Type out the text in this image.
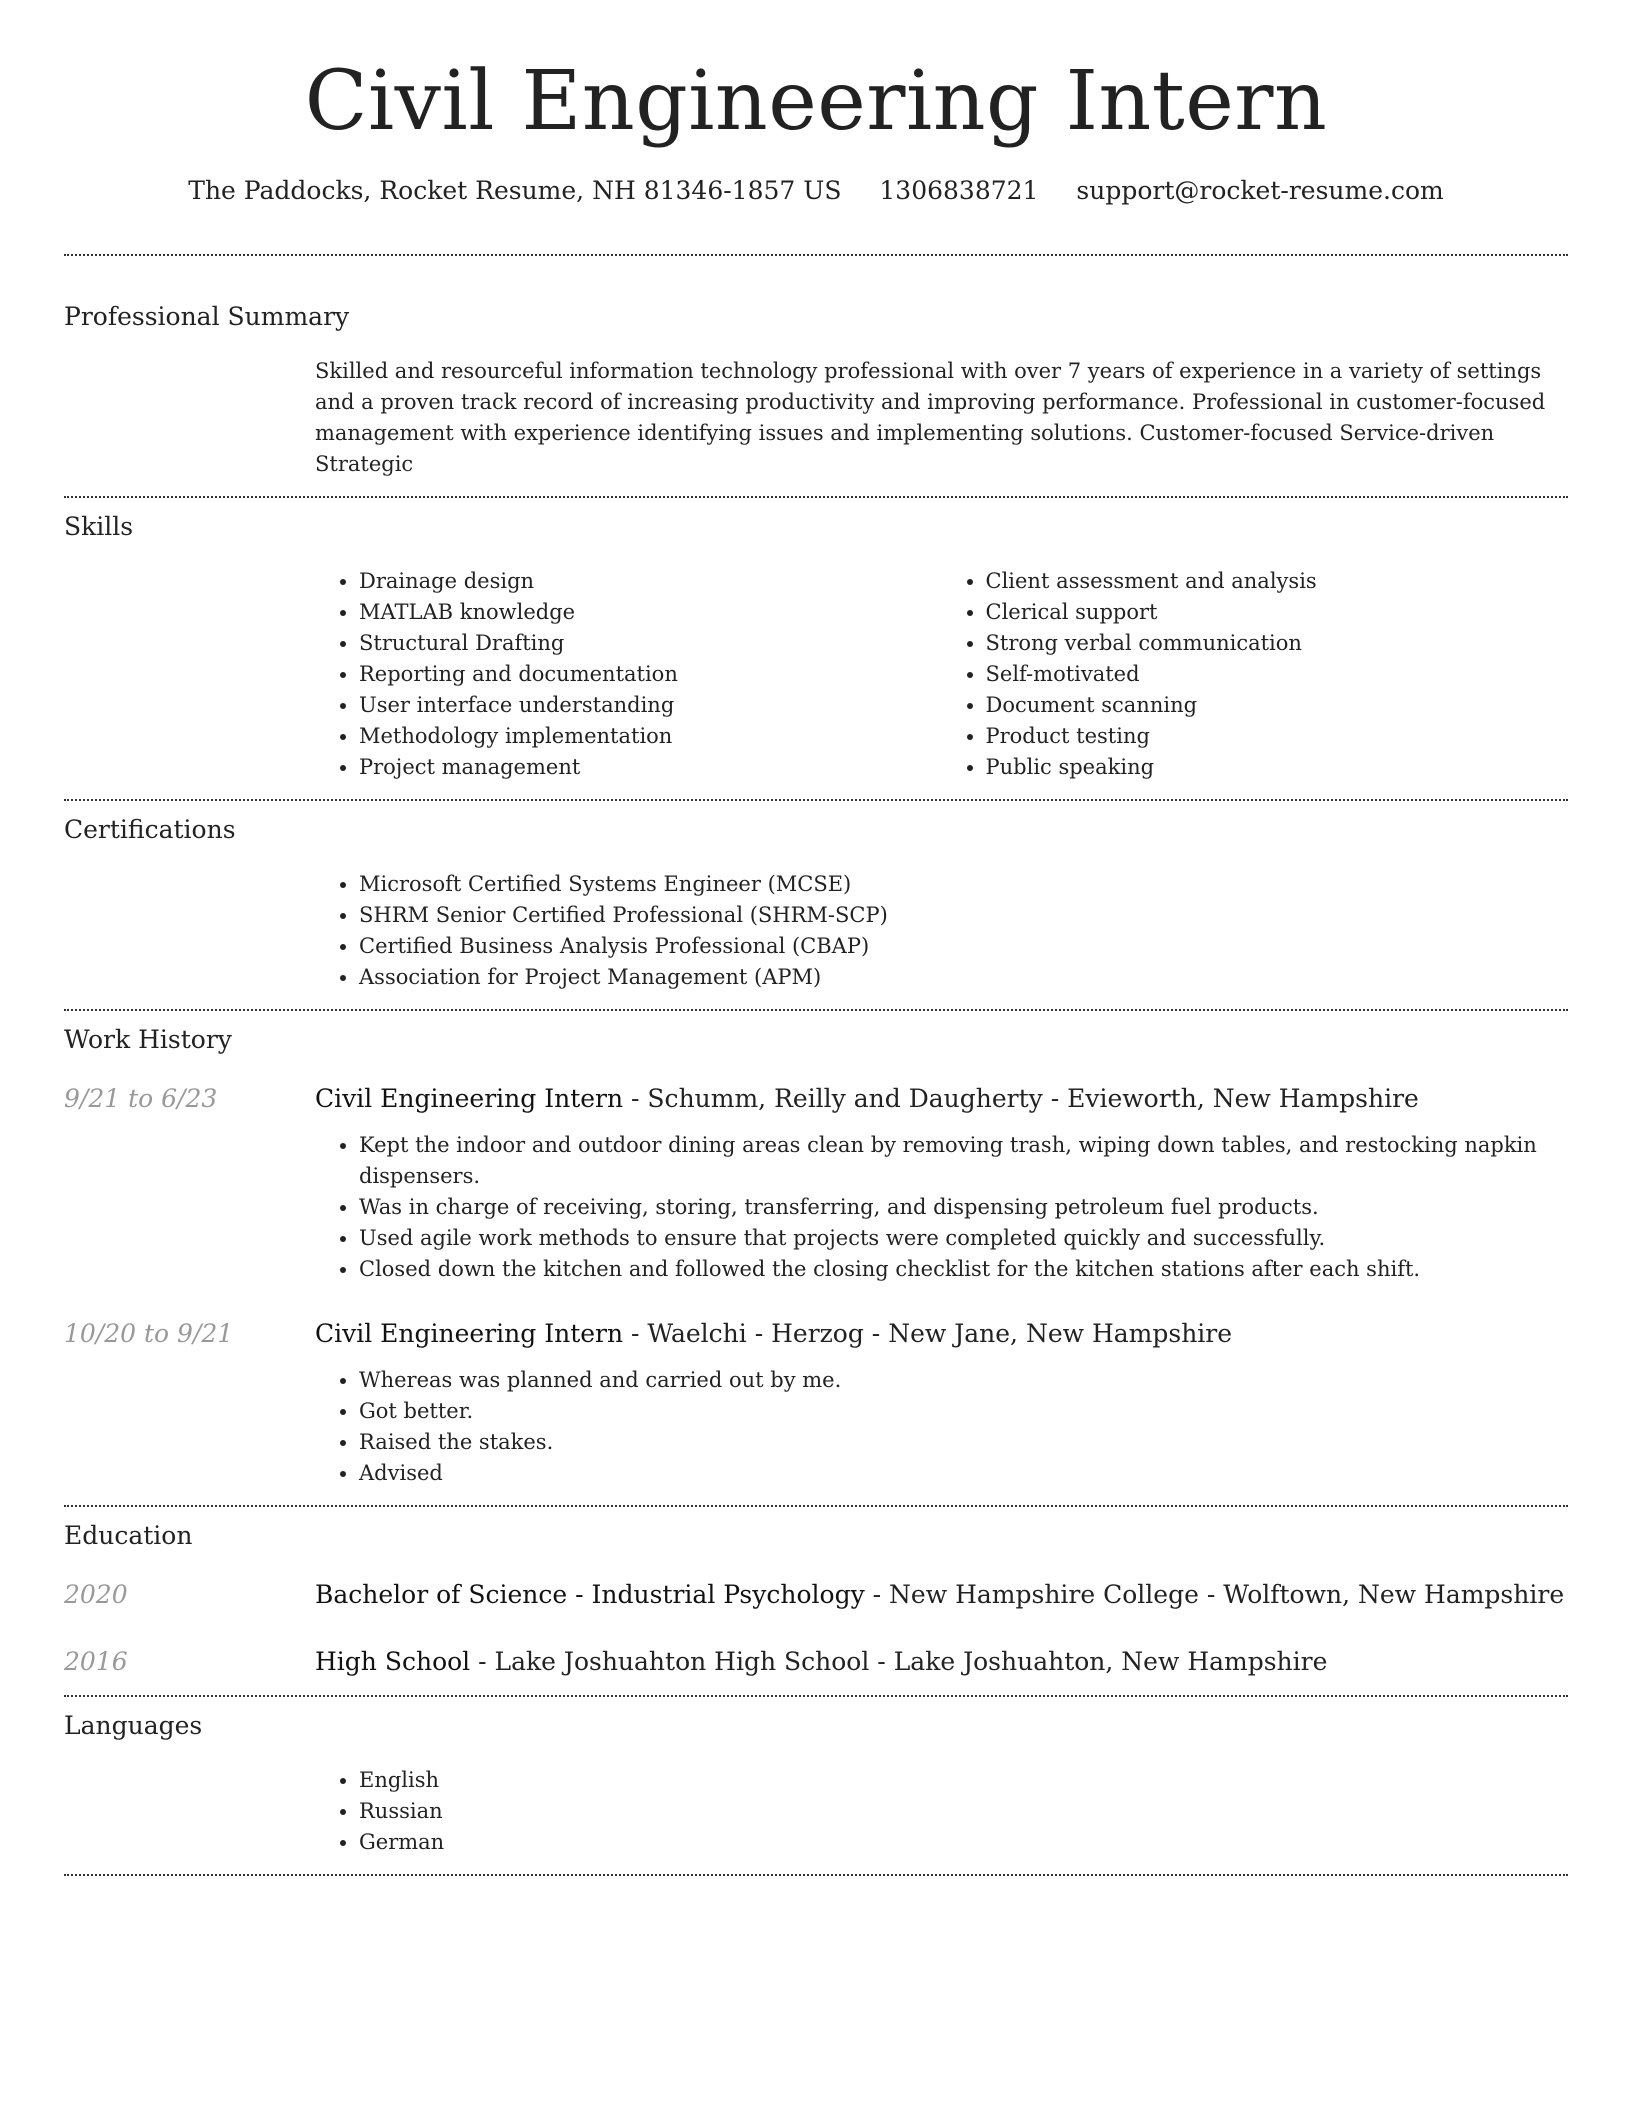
Civil Engineering Intern
The Paddocks, Rocket Resume, NH 81346-1857 US 1306838721 support@rocket-resume.com
Professional Summary
Skilled and resourceful information technology professional with over 7 years of experience in a variety of settings and a proven track record of increasing productivity and improving performance. Professional in customer-focused management with experience identifying issues and implementing solutions. Customer-focused Service-driven Strategic
Skills
• Drainage design
• MATLAB knowledge
• Structural Drafting
• Reporting and documentation
• User interface understanding
• Methodology implementation
• Project management
• Client assessment and analysis
• Clerical support
• Strong verbal communication
• Self-motivated
• Document scanning
• Product testing
• Public speaking
Certifications
• Microsoft Certified Systems Engineer (MCSE)
• SHRM Senior Certified Professional (SHRM-SCP)
• Certified Business Analysis Professional (CBAP)
• Association for Project Management (APM)
Work History
9/21 to 6/23	Civil Engineering Intern - Schumm, Reilly and Daugherty - Evieworth, New Hampshire
• Kept the indoor and outdoor dining areas clean by removing trash, wiping down tables, and restocking napkin dispensers.
• Was in charge of receiving, storing, transferring, and dispensing petroleum fuel products.
• Used agile work methods to ensure that projects were completed quickly and successfully.
• Closed down the kitchen and followed the closing checklist for the kitchen stations after each shift.
10/20 to 9/21	Civil Engineering Intern - Waelchi - Herzog - New Jane, New Hampshire
• Whereas was planned and carried out by me.
• Got better.
• Raised the stakes.
• Advised
Education
2020	Bachelor of Science - Industrial Psychology - New Hampshire College - Wolftown, New Hampshire
2016	High School - Lake Joshuahton High School - Lake Joshuahton, New Hampshire
Languages
• English
• Russian
• German
